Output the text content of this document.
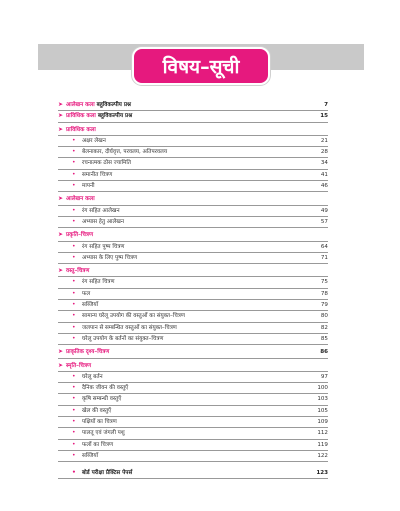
विषय–सूची
➤ आलेखन कला बहुविकल्पीय प्रश्न	7
➤ प्राविधिक कला बहुविकल्पीय प्रश्न	15
➤ प्राविधिक कला
•	अक्षर लेखन	21
•	बेलनाकार, दीर्घवृत्त, परवलय, अतिपरवलय	28
•	रचनात्मक ठोस ज्यामिति	34
•	समानीत चित्रण	41
•	मापनी	46
➤ आलेखन कला
•	रंग सहित आलेखन	49
•	अभ्यास हेतु आलेखन	57
➤ प्रकृति–चित्रण
•	रंग सहित पुष्प चित्रण	64
•	अभ्यास के लिए पुष्प चित्रण	71
➤ वस्तु–चित्रण
•	रंग सहित चित्रण	75
•	फल	78
•	सब्जियाँ	79
•	सामान्य घरेलू उपयोग की वस्तुओं का संयुक्त–चित्रण	80
•	जलपान से सम्बन्धित वस्तुओं का संयुक्त–चित्रण	82
•	घरेलू उपयोग के बर्तनों का संयुक्त–चित्रण	85
➤ प्राकृतिक दृश्य–चित्रण	86
➤ स्मृति–चित्रण
•	घरेलू बर्तन	97
•	दैनिक जीवन की वस्तुएँ	100
•	कृषि सम्बन्धी वस्तुएँ	103
•	खेल की वस्तुएँ	105
•	पक्षियों का चित्रण	109
•	पालतू एवं जंगली पशु	112
•	फलों का चित्रण	119
•	सब्जियाँ	122
•	बोर्ड परीक्षा प्रैक्टिस पेपर्स	123
